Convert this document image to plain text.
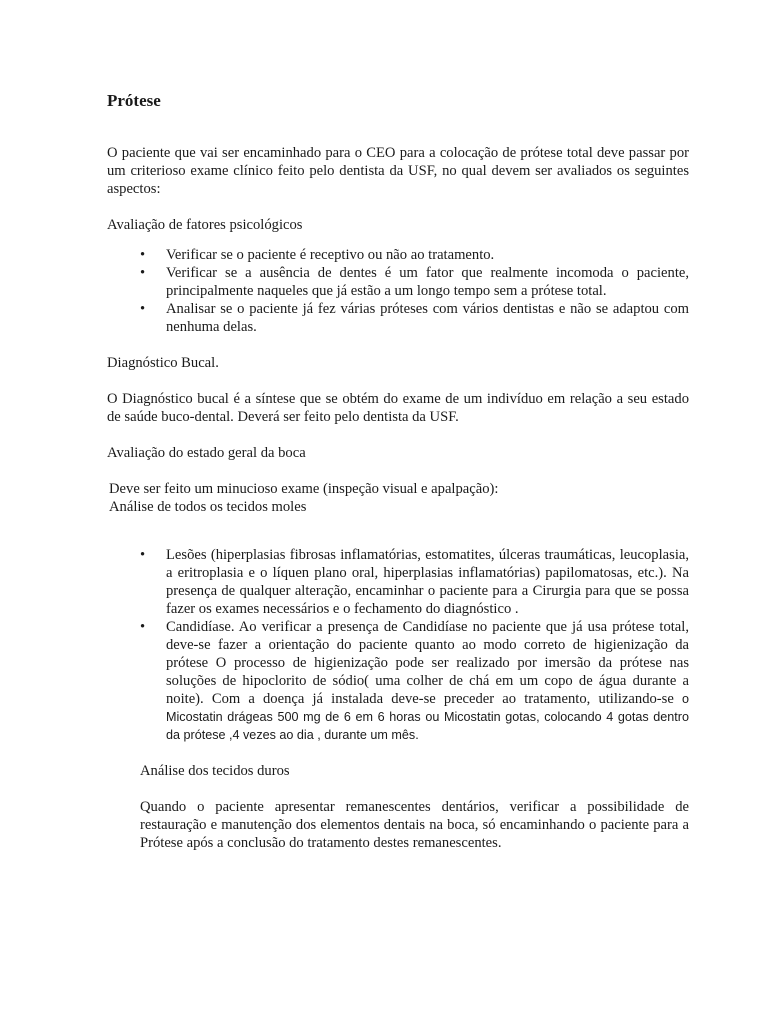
Prótese

O paciente que vai ser encaminhado para o CEO para a colocação de prótese total deve passar por um criterioso exame clínico feito pelo dentista da USF, no qual devem ser avaliados os seguintes aspectos:

Avaliação de fatores psicológicos

• Verificar se o paciente é receptivo ou não ao tratamento.
• Verificar se a ausência de dentes é um fator que realmente incomoda o paciente, principalmente naqueles que já estão a um longo tempo sem a prótese total.
• Analisar se o paciente já fez várias próteses com vários dentistas e não se adaptou com nenhuma delas.

Diagnóstico Bucal.

O Diagnóstico bucal é a síntese que se obtém do exame de um indivíduo em relação a seu estado de saúde buco-dental. Deverá ser feito pelo dentista da USF.

Avaliação do estado geral da boca

Deve ser feito um minucioso exame (inspeção visual e apalpação):

Análise de todos os tecidos moles

• Lesões (hiperplasias fibrosas inflamatórias, estomatites, úlceras traumáticas, leucoplasia, a eritroplasia e o líquen plano oral, hiperplasias inflamatórias) papilomatosas, etc.). Na presença de qualquer alteração, encaminhar o paciente para a Cirurgia para que se possa fazer os exames necessários e o fechamento do diagnóstico .
• Candidíase. Ao verificar a presença de Candidíase no paciente que já usa prótese total, deve-se fazer a orientação do paciente quanto ao modo correto de higienização da prótese O processo de higienização pode ser realizado por imersão da prótese nas soluções de hipoclorito de sódio( uma colher de chá em um copo de água durante a noite). Com a doença já instalada deve-se preceder ao tratamento, utilizando-se o Micostatin drágeas 500 mg de 6 em 6 horas ou Micostatin gotas, colocando 4 gotas dentro da prótese ,4 vezes ao dia , durante um mês.

Análise dos tecidos duros

Quando o paciente apresentar remanescentes dentários, verificar a possibilidade de restauração e manutenção dos elementos dentais na boca, só encaminhando o paciente para a Prótese após a conclusão do tratamento destes remanescentes.
